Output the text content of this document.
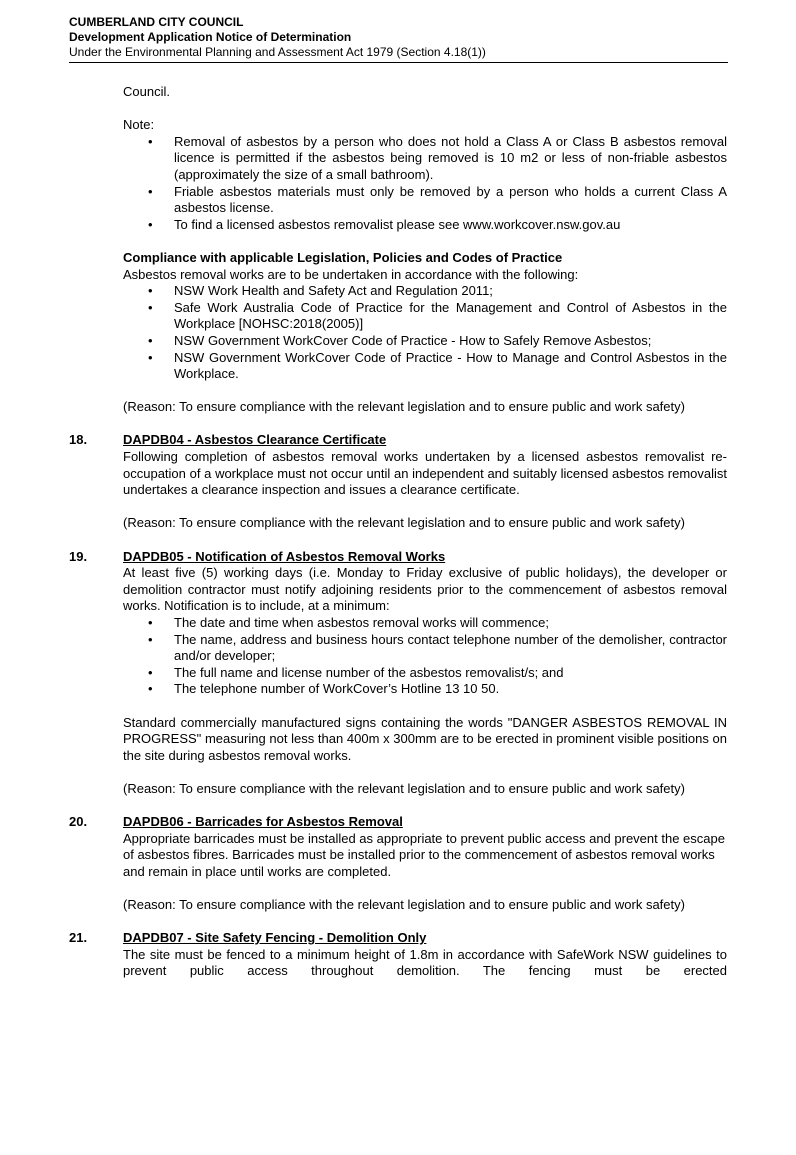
CUMBERLAND CITY COUNCIL
Development Application Notice of Determination
Under the Environmental Planning and Assessment Act 1979 (Section 4.18(1))

Council.

Note:

• Removal of asbestos by a person who does not hold a Class A or Class B asbestos removal licence is permitted if the asbestos being removed is 10 m2 or less of non-friable asbestos (approximately the size of a small bathroom).
• Friable asbestos materials must only be removed by a person who holds a current Class A asbestos license.
• To find a licensed asbestos removalist please see www.workcover.nsw.gov.au

Compliance with applicable Legislation, Policies and Codes of Practice

Asbestos removal works are to be undertaken in accordance with the following:

• NSW Work Health and Safety Act and Regulation 2011;
• Safe Work Australia Code of Practice for the Management and Control of Asbestos in the Workplace [NOHSC:2018(2005)]
• NSW Government WorkCover Code of Practice - How to Safely Remove Asbestos;
• NSW Government WorkCover Code of Practice - How to Manage and Control Asbestos in the Workplace.

(Reason: To ensure compliance with the relevant legislation and to ensure public and work safety)

18.	DAPDB04 - Asbestos Clearance Certificate

Following completion of asbestos removal works undertaken by a licensed asbestos removalist re-occupation of a workplace must not occur until an independent and suitably licensed asbestos removalist undertakes a clearance inspection and issues a clearance certificate.

(Reason: To ensure compliance with the relevant legislation and to ensure public and work safety)

19.	DAPDB05 - Notification of Asbestos Removal Works

At least five (5) working days (i.e. Monday to Friday exclusive of public holidays), the developer or demolition contractor must notify adjoining residents prior to the commencement of asbestos removal works. Notification is to include, at a minimum:

• The date and time when asbestos removal works will commence;
• The name, address and business hours contact telephone number of the demolisher, contractor and/or developer;
• The full name and license number of the asbestos removalist/s; and
• The telephone number of WorkCover’s Hotline 13 10 50.

Standard commercially manufactured signs containing the words "DANGER ASBESTOS REMOVAL IN PROGRESS" measuring not less than 400m x 300mm are to be erected in prominent visible positions on the site during asbestos removal works.

(Reason: To ensure compliance with the relevant legislation and to ensure public and work safety)

20.	DAPDB06 - Barricades for Asbestos Removal

Appropriate barricades must be installed as appropriate to prevent public access and prevent the escape of asbestos fibres. Barricades must be installed prior to the commencement of asbestos removal works and remain in place until works are completed.

(Reason: To ensure compliance with the relevant legislation and to ensure public and work safety)

21.	DAPDB07 - Site Safety Fencing - Demolition Only

The site must be fenced to a minimum height of 1.8m in accordance with SafeWork NSW guidelines to prevent public access throughout demolition. The fencing must be erected
